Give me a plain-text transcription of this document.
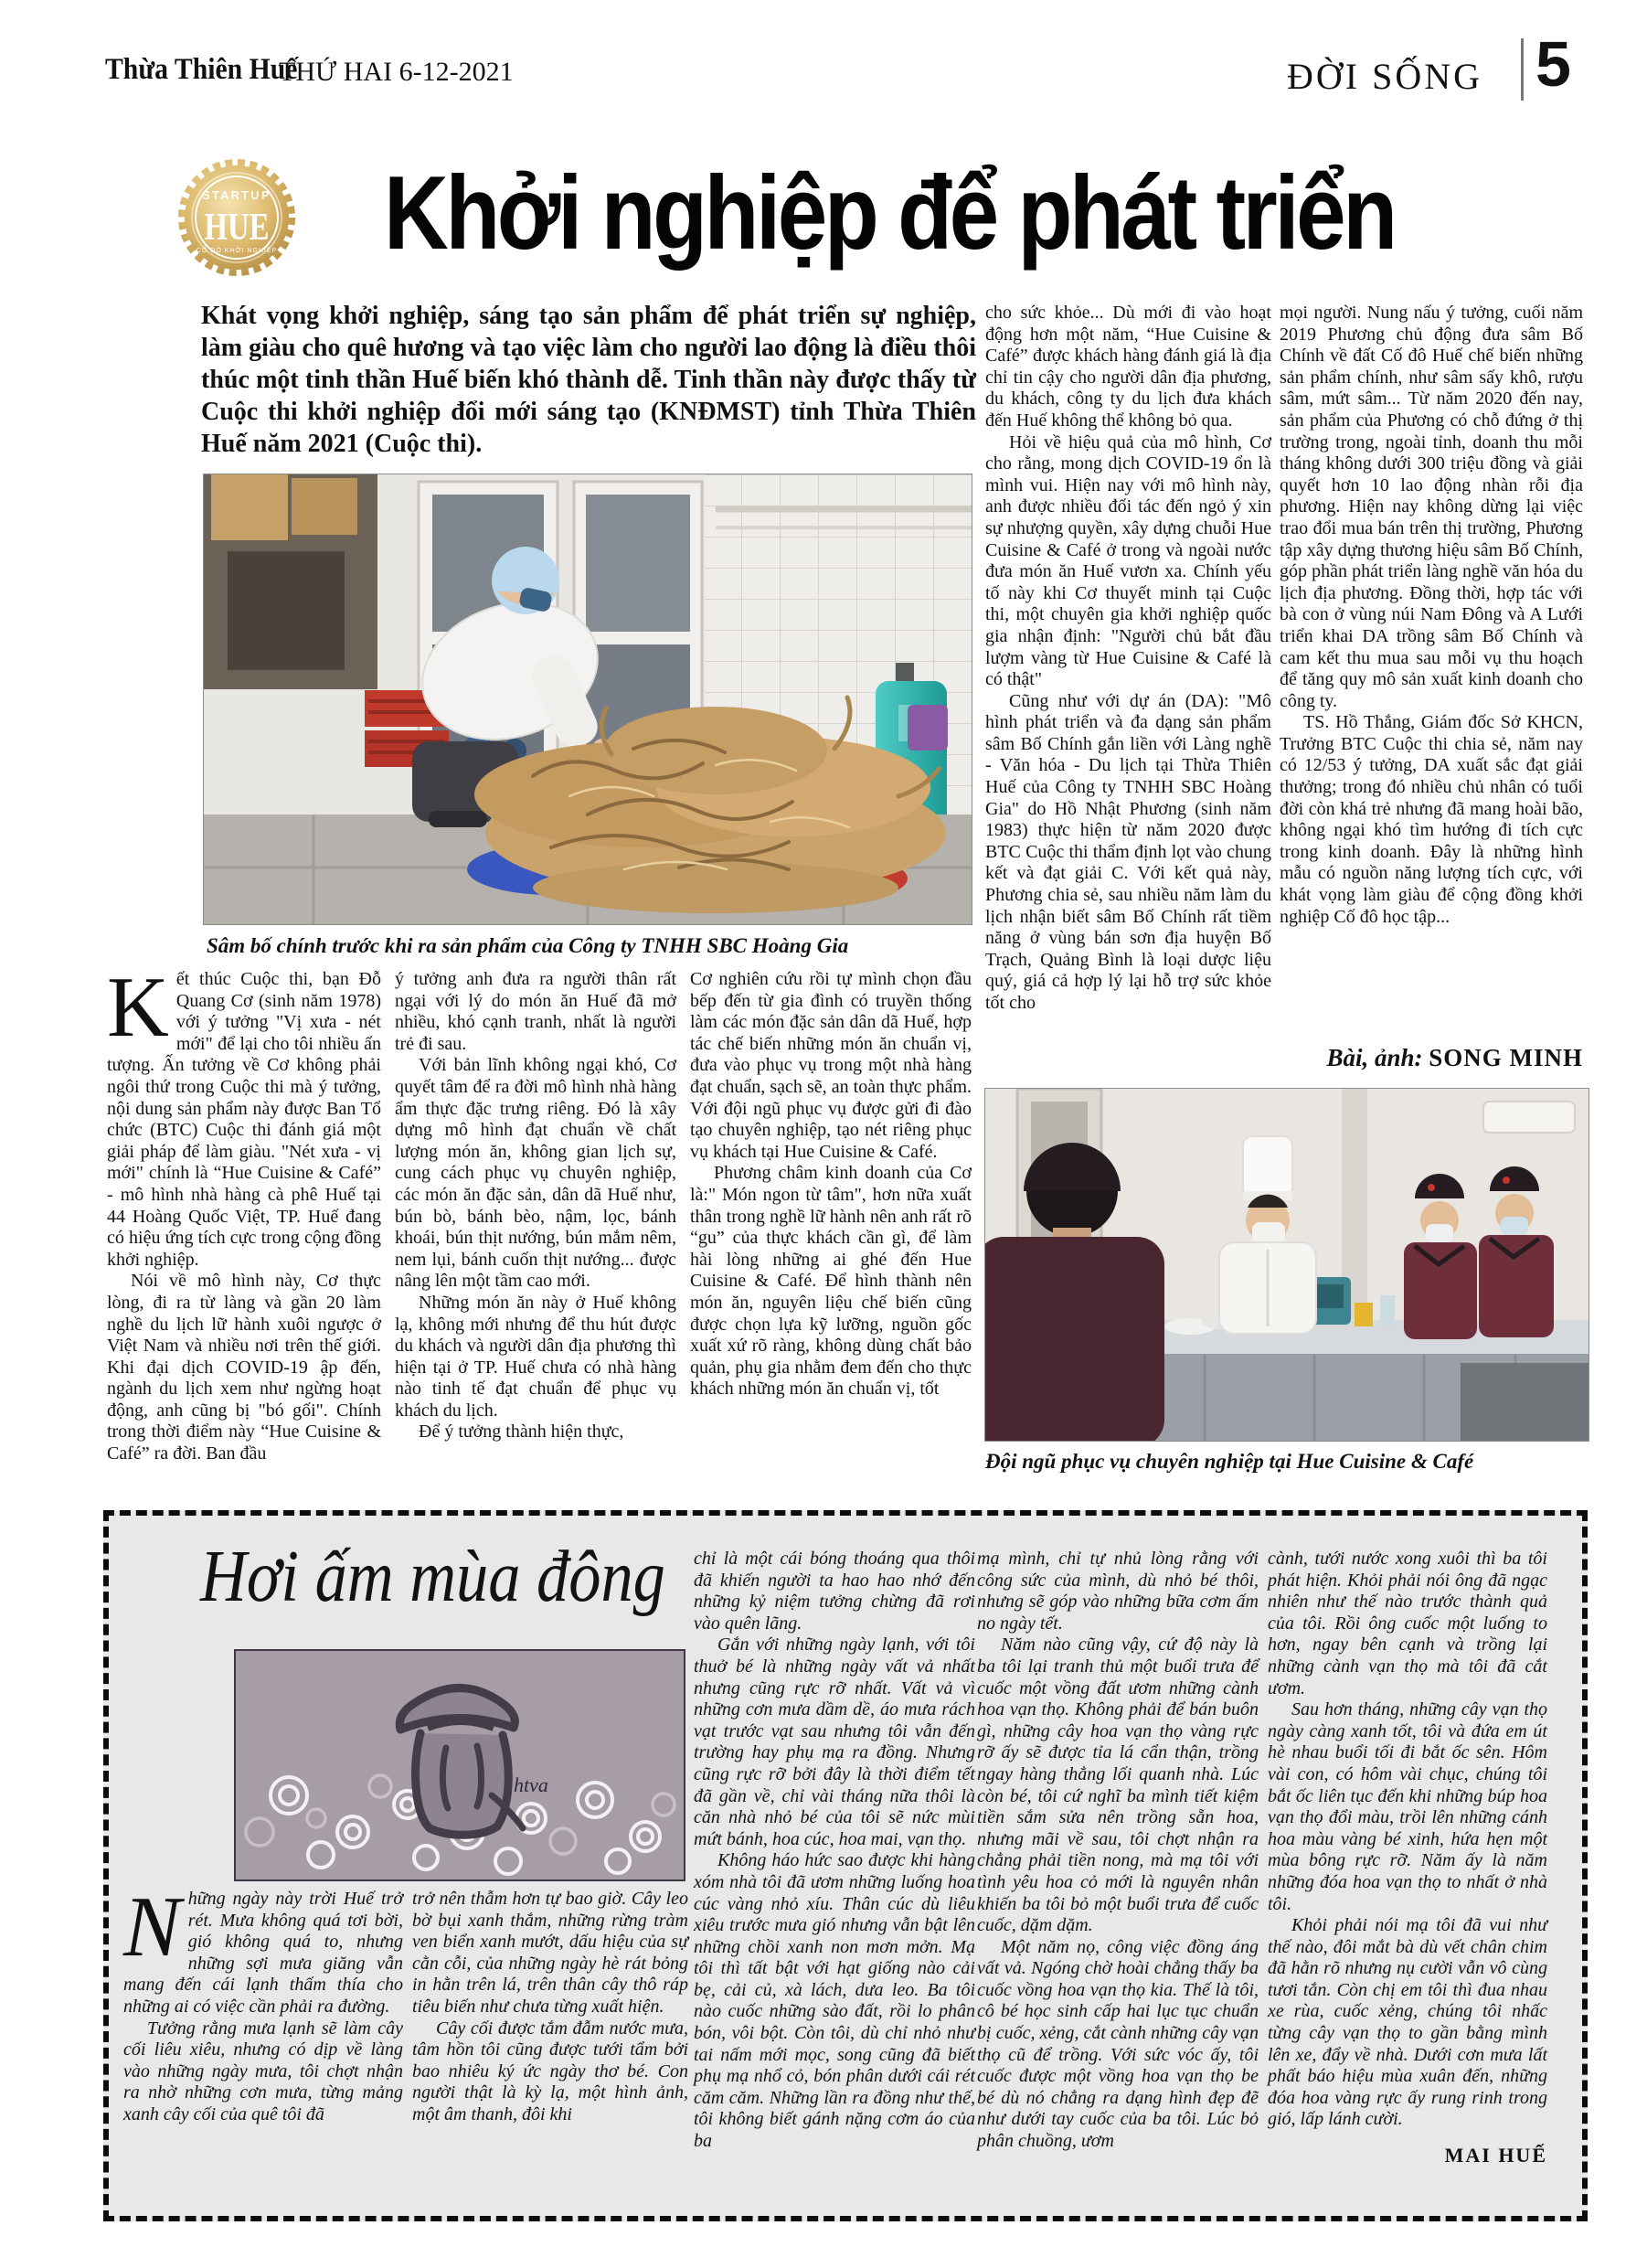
Thừa Thiên Huế
THỨ HAI 6-12-2021	ĐỜI SỐNG 5
STARTUP
HUE
CỐ ĐÔ KHỞI NGHIỆP Khởi nghiệp để phát triển
Khát vọng khởi nghiệp, sáng tạo sản phẩm để phát triển sự nghiệp, làm giàu cho quê hương và tạo việc làm cho người lao động là điều thôi thúc một tinh thần Huế biến khó thành dễ. Tinh thần này được thấy từ Cuộc thi khởi nghiệp đổi mới sáng tạo (KNĐMST) tỉnh Thừa Thiên Huế năm 2021 (Cuộc thi).
Sâm bố chính trước khi ra sản phẩm của Công ty TNHH SBC Hoàng Gia

Kết thúc Cuộc thi, bạn Đỗ Quang Cơ (sinh năm 1978) với ý tưởng "Vị xưa - nét mới" để lại cho tôi nhiều ấn tượng. Ấn tưởng về Cơ không phải ngôi thứ trong Cuộc thi mà ý tưởng, nội dung sản phẩm này được Ban Tổ chức (BTC) Cuộc thi đánh giá một giải pháp để làm giàu. "Nét xưa - vị mới" chính là “Hue Cuisine & Café” - mô hình nhà hàng cà phê Huế tại 44 Hoàng Quốc Việt, TP. Huế đang có hiệu ứng tích cực trong cộng đồng khởi nghiệp.

Nói về mô hình này, Cơ thực lòng, đi ra từ làng và gần 20 làm nghề du lịch lữ hành xuôi ngược ở Việt Nam và nhiều nơi trên thế giới. Khi đại dịch COVID-19 ập đến, ngành du lịch xem như ngừng hoạt động, anh cũng bị "bó gối". Chính trong thời điểm này “Hue Cuisine & Café” ra đời. Ban đầu

ý tưởng anh đưa ra người thân rất ngại với lý do món ăn Huế đã mở nhiều, khó cạnh tranh, nhất là người trẻ đi sau.

Với bản lĩnh không ngại khó, Cơ quyết tâm để ra đời mô hình nhà hàng ẩm thực đặc trưng riêng. Đó là xây dựng mô hình đạt chuẩn về chất lượng món ăn, không gian lịch sự, cung cách phục vụ chuyên nghiệp, các món ăn đặc sản, dân dã Huế như, bún bò, bánh bèo, nậm, lọc, bánh khoái, bún thịt nướng, bún mắm nêm, nem lụi, bánh cuốn thịt nướng... được nâng lên một tầm cao mới.

Những món ăn này ở Huế không lạ, không mới nhưng để thu hút được du khách và người dân địa phương thì hiện tại ở TP. Huế chưa có nhà hàng nào tinh tế đạt chuẩn để phục vụ khách du lịch.

Để ý tưởng thành hiện thực,

Cơ nghiên cứu rồi tự mình chọn đầu bếp đến từ gia đình có truyền thống làm các món đặc sản dân dã Huế, hợp tác chế biến những món ăn chuẩn vị, đưa vào phục vụ trong một nhà hàng đạt chuẩn, sạch sẽ, an toàn thực phẩm. Với đội ngũ phục vụ được gửi đi đào tạo chuyên nghiệp, tạo nét riêng phục vụ khách tại Hue Cuisine & Café.

Phương châm kinh doanh của Cơ là:" Món ngon từ tâm", hơn nữa xuất thân trong nghề lữ hành nên anh rất rõ “gu” của thực khách cần gì, để làm hài lòng những ai ghé đến Hue Cuisine & Café. Để hình thành nên món ăn, nguyên liệu chế biến cũng được chọn lựa kỹ lưỡng, nguồn gốc xuất xứ rõ ràng, không dùng chất bảo quản, phụ gia nhằm đem đến cho thực khách những món ăn chuẩn vị, tốt

cho sức khỏe... Dù mới đi vào hoạt động hơn một năm, “Hue Cuisine & Café” được khách hàng đánh giá là địa chỉ tin cậy cho người dân địa phương, du khách, công ty du lịch đưa khách đến Huế không thể không bỏ qua.

Hỏi về hiệu quả của mô hình, Cơ cho rằng, mong dịch COVID-19 ổn là mình vui. Hiện nay với mô hình này, anh được nhiều đối tác đến ngỏ ý xin sự nhượng quyền, xây dựng chuỗi Hue Cuisine & Café ở trong và ngoài nước đưa món ăn Huế vươn xa. Chính yếu tố này khi Cơ thuyết minh tại Cuộc thi, một chuyên gia khởi nghiệp quốc gia nhận định: "Người chủ bắt đầu lượm vàng từ Hue Cuisine & Café là có thật"

Cũng như với dự án (DA): "Mô hình phát triển và đa dạng sản phẩm sâm Bố Chính gắn liền với Làng nghề - Văn hóa - Du lịch tại Thừa Thiên Huế của Công ty TNHH SBC Hoàng Gia" do Hồ Nhật Phương (sinh năm 1983) thực hiện từ năm 2020 được BTC Cuộc thi thẩm định lọt vào chung kết và đạt giải C. Với kết quả này, Phương chia sẻ, sau nhiều năm làm du lịch nhận biết sâm Bố Chính rất tiềm năng ở vùng bán sơn địa huyện Bố Trạch, Quảng Bình là loại dược liệu quý, giá cả hợp lý lại hỗ trợ sức khỏe tốt cho

mọi người. Nung nấu ý tưởng, cuối năm 2019 Phương chủ động đưa sâm Bố Chính về đất Cố đô Huế chế biến những sản phẩm chính, như sâm sấy khô, rượu sâm, mứt sâm... Từ năm 2020 đến nay, sản phẩm của Phương có chỗ đứng ở thị trường trong, ngoài tỉnh, doanh thu mỗi tháng không dưới 300 triệu đồng và giải quyết hơn 10 lao động nhàn rỗi địa phương. Hiện nay không dừng lại việc trao đổi mua bán trên thị trường, Phương tập xây dựng thương hiệu sâm Bố Chính, góp phần phát triển làng nghề văn hóa du lịch địa phương. Đồng thời, hợp tác với bà con ở vùng núi Nam Đông và A Lưới triển khai DA trồng sâm Bố Chính và cam kết thu mua sau mỗi vụ thu hoạch để tăng quy mô sản xuất kinh doanh cho công ty.

TS. Hồ Thắng, Giám đốc Sở KHCN, Trưởng BTC Cuộc thi chia sẻ, năm nay có 12/53 ý tưởng, DA xuất sắc đạt giải thưởng; trong đó nhiều chủ nhân có tuổi đời còn khá trẻ nhưng đã mang hoài bão, không ngại khó tìm hướng đi tích cực trong kinh doanh. Đây là những hình mẫu có nguồn năng lượng tích cực, với khát vọng làm giàu để cộng đồng khởi nghiệp Cố đô học tập...

Bài, ảnh: SONG MINH
Đội ngũ phục vụ chuyên nghiệp tại Hue Cuisine & Café
Hơi ấm mùa đông
htva

Những ngày này trời Huế trở rét. Mưa không quá tơi bời, gió không quá to, nhưng những sợi mưa giăng vẫn mang đến cái lạnh thấm thía cho những ai có việc cần phải ra đường.

Tưởng rằng mưa lạnh sẽ làm cây cối liêu xiêu, nhưng có dịp về làng vào những ngày mưa, tôi chợt nhận ra nhờ những cơn mưa, từng mảng xanh cây cối của quê tôi đã

trở nên thẫm hơn tự bao giờ. Cây leo bờ bụi xanh thắm, những rừng tràm ven biển xanh mướt, dấu hiệu của sự cằn cỗi, của những ngày hè rát bỏng in hằn trên lá, trên thân cây thô ráp tiêu biến như chưa từng xuất hiện.

Cây cối được tắm đẫm nước mưa, tâm hồn tôi cũng được tưới tẩm bởi bao nhiêu ký ức ngày thơ bé. Con người thật là kỳ lạ, một hình ảnh, một âm thanh, đôi khi

chỉ là một cái bóng thoáng qua thôi đã khiến người ta hao hao nhớ đến những kỷ niệm tưởng chừng đã rơi vào quên lãng.

Gắn với những ngày lạnh, với tôi thuở bé là những ngày vất vả nhất nhưng cũng rực rỡ nhất. Vất vả vì những cơn mưa dầm dề, áo mưa rách vạt trước vạt sau nhưng tôi vẫn đến trường hay phụ mạ ra đồng. Nhưng cũng rực rỡ bởi đây là thời điểm tết đã gần về, chỉ vài tháng nữa thôi là căn nhà nhỏ bé của tôi sẽ nức mùi mứt bánh, hoa cúc, hoa mai, vạn thọ.

Không háo hức sao được khi hàng xóm nhà tôi đã ươm những luống hoa cúc vàng nhỏ xíu. Thân cúc dù liêu xiêu trước mưa gió nhưng vẫn bật lên những chồi xanh non mơn mởn. Mạ tôi thì tất bật với hạt giống nào cải bẹ, cải củ, xà lách, dưa leo. Ba tôi nào cuốc những sào đất, rồi lo phân bón, vôi bột. Còn tôi, dù chỉ nhỏ như tai nấm mới mọc, song cũng đã biết phụ mạ nhổ cỏ, bón phân dưới cái rét căm căm. Những lần ra đồng như thế, tôi không biết gánh nặng cơm áo của ba

mạ mình, chỉ tự nhủ lòng rằng với công sức của mình, dù nhỏ bé thôi, nhưng sẽ góp vào những bữa cơm ấm no ngày tết.

Năm nào cũng vậy, cứ độ này là ba tôi lại tranh thủ một buổi trưa để cuốc một vồng đất ươm những cành hoa vạn thọ. Không phải để bán buôn gì, những cây hoa vạn thọ vàng rực rỡ ấy sẽ được tỉa lá cẩn thận, trồng ngay hàng thẳng lối quanh nhà. Lúc còn bé, tôi cứ nghĩ ba mình tiết kiệm tiền sắm sửa nên trồng sẵn hoa, nhưng mãi về sau, tôi chợt nhận ra chẳng phải tiền nong, mà mạ tôi với tình yêu hoa cỏ mới là nguyên nhân khiến ba tôi bỏ một buổi trưa để cuốc cuốc, dặm dặm.

Một năm nọ, công việc đồng áng vất vả. Ngóng chờ hoài chẳng thấy ba cuốc vồng hoa vạn thọ kia. Thế là tôi, cô bé học sinh cấp hai lục tục chuẩn bị cuốc, xẻng, cắt cành những cây vạn thọ cũ để trồng. Với sức vóc ấy, tôi cuốc được một vồng hoa vạn thọ be bé dù nó chẳng ra dạng hình đẹp đẽ như dưới tay cuốc của ba tôi. Lúc bỏ phân chuồng, ươm

cành, tưới nước xong xuôi thì ba tôi phát hiện. Khỏi phải nói ông đã ngạc nhiên như thế nào trước thành quả của tôi. Rồi ông cuốc một luống to hơn, ngay bên cạnh và trồng lại những cành vạn thọ mà tôi đã cắt ươm.

Sau hơn tháng, những cây vạn thọ ngày càng xanh tốt, tôi và đứa em út hè nhau buổi tối đi bắt ốc sên. Hôm vài con, có hôm vài chục, chúng tôi bắt ốc liên tục đến khi những búp hoa vạn thọ đổi màu, trồi lên những cánh hoa màu vàng bé xinh, hứa hẹn một mùa bông rực rỡ. Năm ấy là năm những đóa hoa vạn thọ to nhất ở nhà tôi.

Khỏi phải nói mạ tôi đã vui như thế nào, đôi mắt bà dù vết chân chim đã hằn rõ nhưng nụ cười vẫn vô cùng tươi tắn. Còn chị em tôi thì đua nhau xe rùa, cuốc xẻng, chúng tôi nhấc từng cây vạn thọ to gần bằng mình lên xe, đẩy về nhà. Dưới cơn mưa lất phất báo hiệu mùa xuân đến, những đóa hoa vàng rực ấy rung rinh trong gió, lấp lánh cười.

MAI HUẾ
